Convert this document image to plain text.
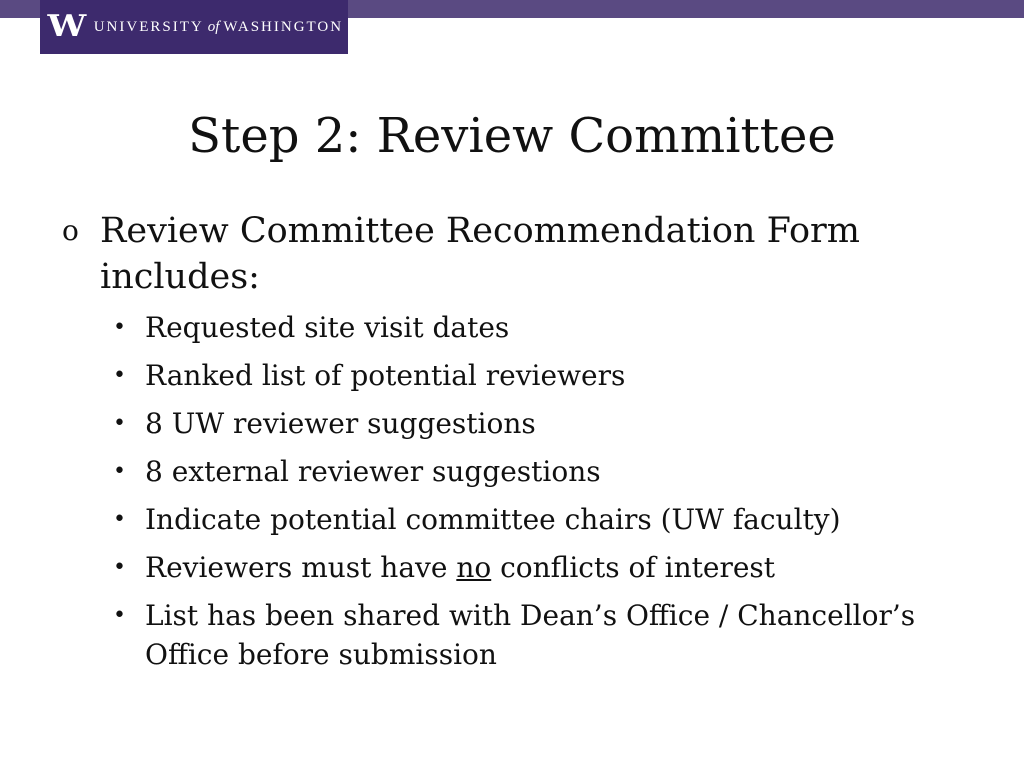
W UNIVERSITY of WASHINGTON
Step 2: Review Committee
o Review Committee Recommendation Form includes:
• Requested site visit dates
• Ranked list of potential reviewers
• 8 UW reviewer suggestions
• 8 external reviewer suggestions
• Indicate potential committee chairs (UW faculty)
• Reviewers must have no conflicts of interest
• List has been shared with Dean’s Office / Chancellor’s Office before submission
